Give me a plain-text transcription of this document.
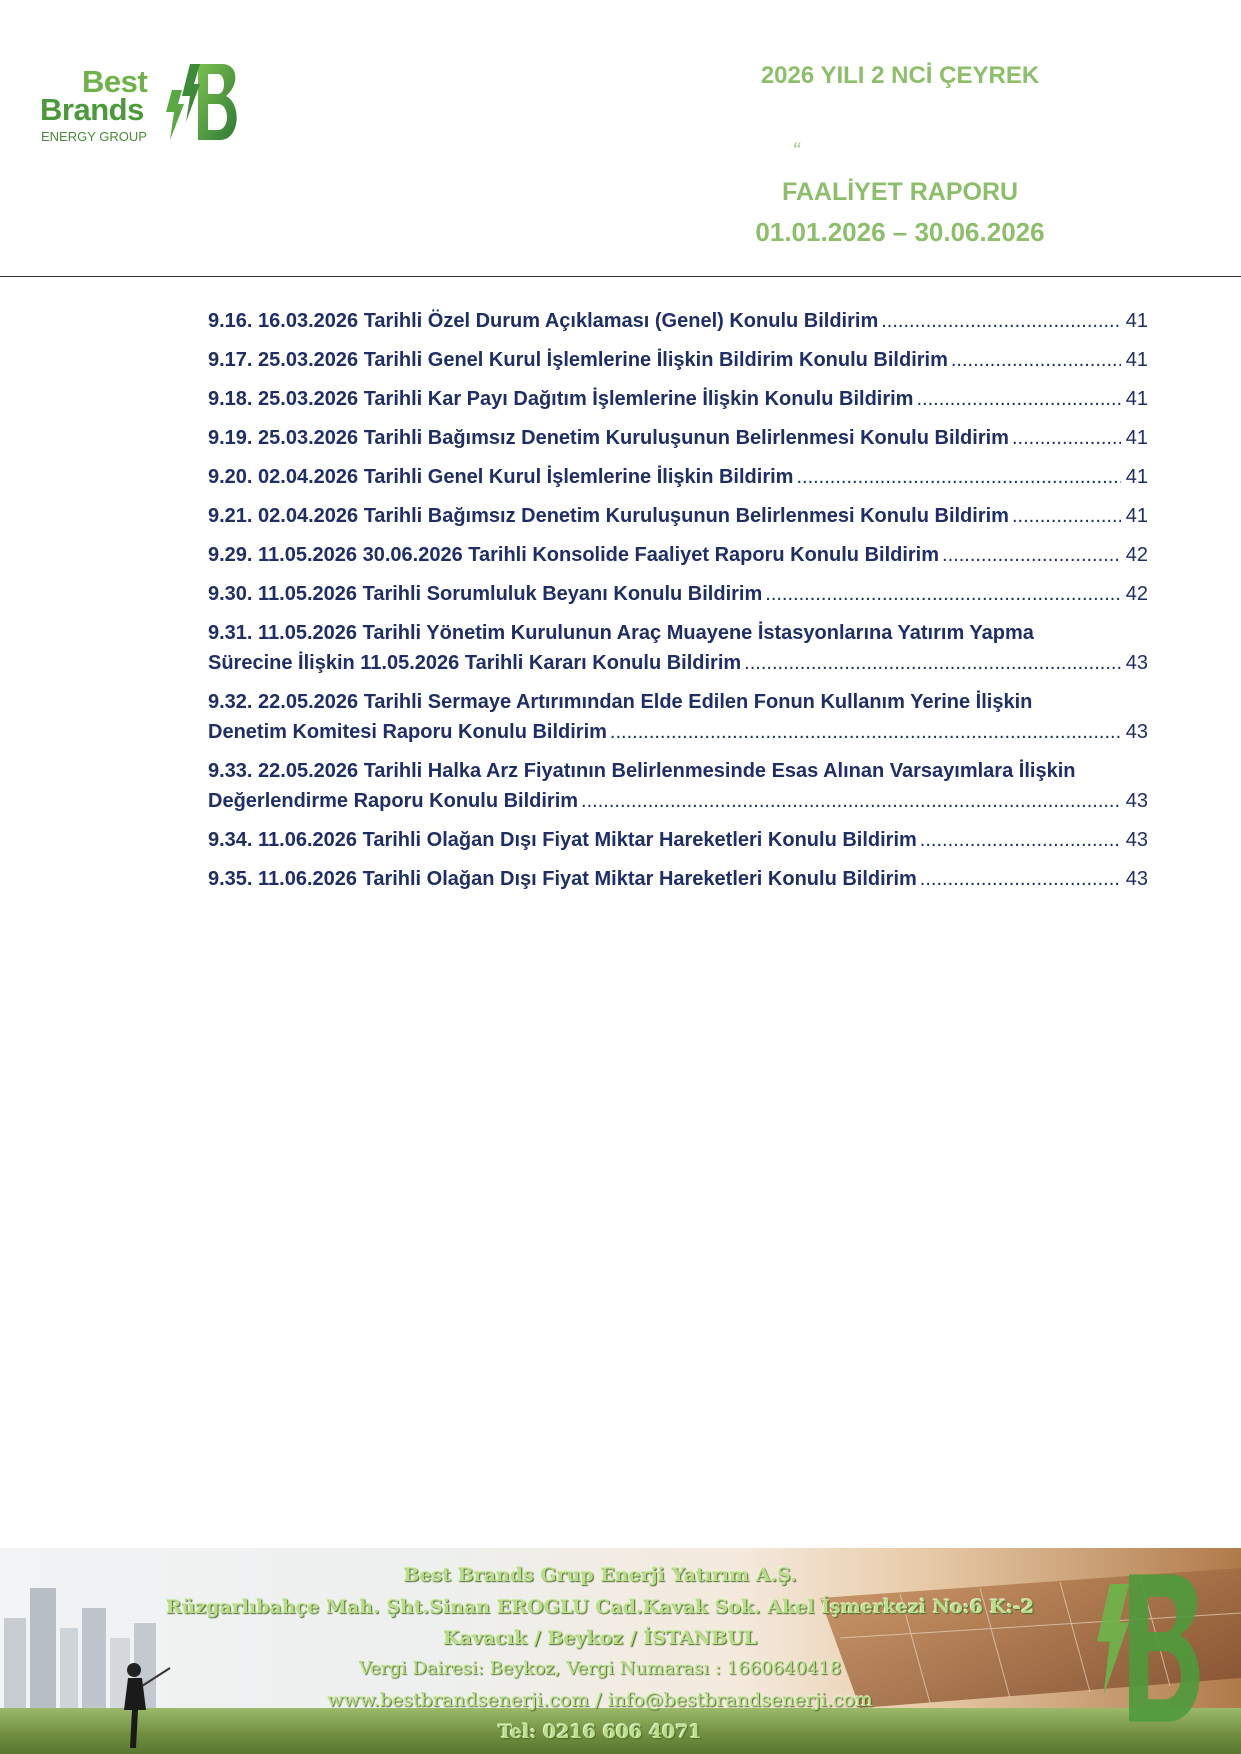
Best
Brands
ENERGY GROUP
2026 YILI 2 NCİ ÇEYREK
“
FAALİYET RAPORU
01.01.2026 – 30.06.2026
9.16. 16.03.2026 Tarihli Özel Durum Açıklaması (Genel) Konulu Bildirim .....	41
9.17. 25.03.2026 Tarihli Genel Kurul İşlemlerine İlişkin Bildirim Konulu Bildirim .....	41
9.18. 25.03.2026 Tarihli Kar Payı Dağıtım İşlemlerine İlişkin Konulu Bildirim .....	41
9.19. 25.03.2026 Tarihli Bağımsız Denetim Kuruluşunun Belirlenmesi Konulu Bildirim .....	41
9.20. 02.04.2026 Tarihli Genel Kurul İşlemlerine İlişkin Bildirim .....	41
9.21. 02.04.2026 Tarihli Bağımsız Denetim Kuruluşunun Belirlenmesi Konulu Bildirim .....	41
9.29. 11.05.2026 30.06.2026 Tarihli Konsolide Faaliyet Raporu Konulu Bildirim .....	42
9.30. 11.05.2026 Tarihli Sorumluluk Beyanı Konulu Bildirim .....	42
9.31. 11.05.2026 Tarihli Yönetim Kurulunun Araç Muayene İstasyonlarına Yatırım Yapma
Sürecine İlişkin 11.05.2026 Tarihli Kararı Konulu Bildirim .....	43
9.32. 22.05.2026 Tarihli Sermaye Artırımından Elde Edilen Fonun Kullanım Yerine İlişkin
Denetim Komitesi Raporu Konulu Bildirim .....	43
9.33. 22.05.2026 Tarihli Halka Arz Fiyatının Belirlenmesinde Esas Alınan Varsayımlara İlişkin
Değerlendirme Raporu Konulu Bildirim .....	43
9.34. 11.06.2026 Tarihli Olağan Dışı Fiyat Miktar Hareketleri Konulu Bildirim .....	43
9.35. 11.06.2026 Tarihli Olağan Dışı Fiyat Miktar Hareketleri Konulu Bildirim .....	43
Best Brands Grup Enerji Yatırım A.Ş.
Rüzgarlıbahçe Mah. Şht.Sinan EROGLU Cad.Kavak Sok. Akel İşmerkezi No:6 K:-2
Kavacık / Beykoz / İSTANBUL
Vergi Dairesi: Beykoz, Vergi Numarası : 1660640418
www.bestbrandsenerji.com / info@bestbrandsenerji.com
Tel: 0216 606 4071
